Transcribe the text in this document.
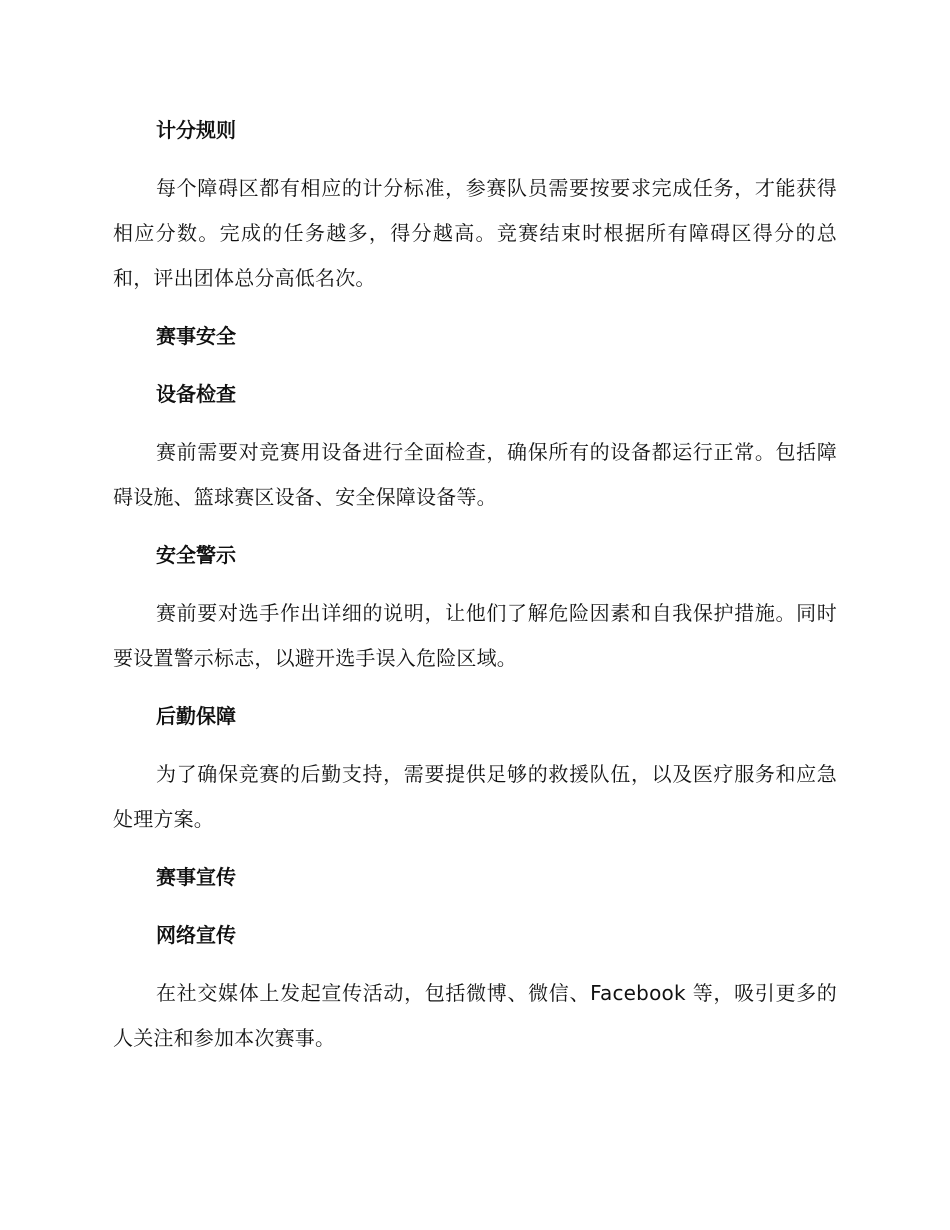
计分规则

每个障碍区都有相应的计分标准，参赛队员需要按要求完成任务，才能获得相应分数。完成的任务越多，得分越高。竞赛结束时根据所有障碍区得分的总和，评出团体总分高低名次。

赛事安全
设备检查

赛前需要对竞赛用设备进行全面检查，确保所有的设备都运行正常。包括障碍设施、篮球赛区设备、安全保障设备等。

安全警示

赛前要对选手作出详细的说明，让他们了解危险因素和自我保护措施。同时要设置警示标志，以避开选手误入危险区域。

后勤保障

为了确保竞赛的后勤支持，需要提供足够的救援队伍，以及医疗服务和应急处理方案。

赛事宣传
网络宣传

在社交媒体上发起宣传活动，包括微博、微信、Facebook 等，吸引更多的人关注和参加本次赛事。
